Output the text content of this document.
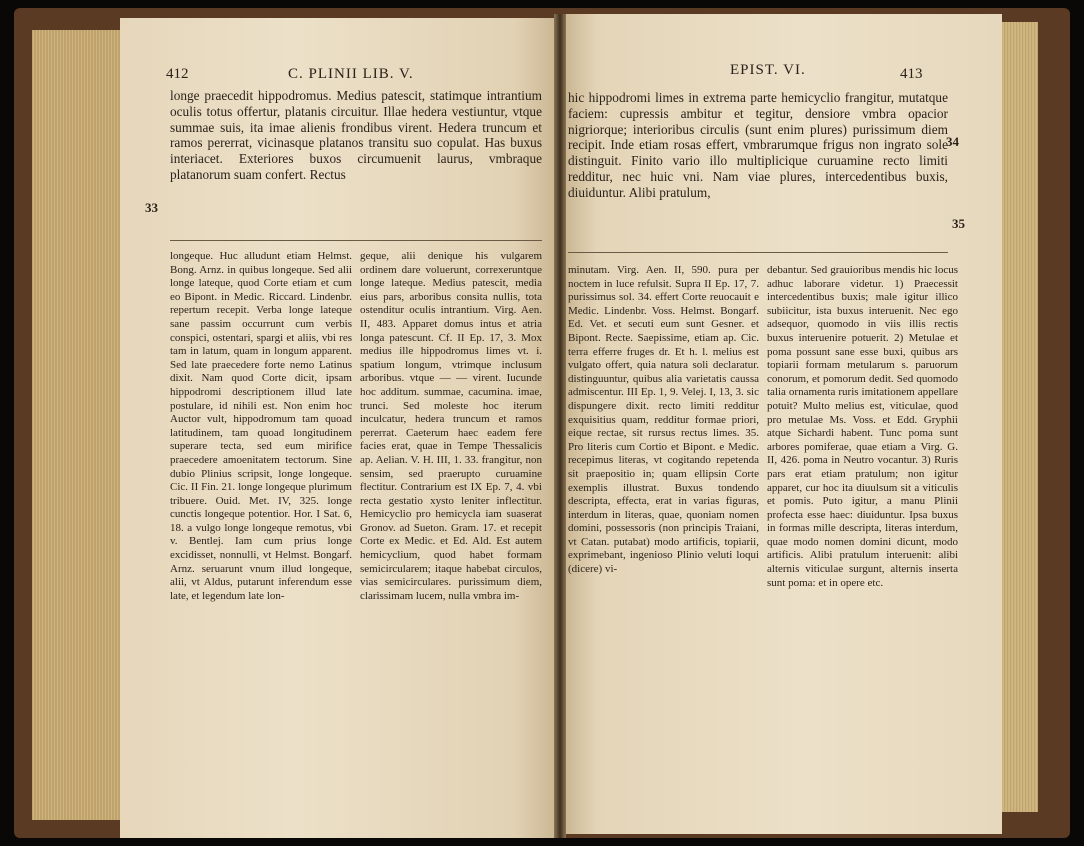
412	C. PLINII LIB. V.
longe praecedit hippodromus. Medius patescit, statimque intrantium oculis totus offertur, platanis circuitur. Illae hedera vestiuntur, vtque summae suis, ita imae alienis frondibus virent. Hedera truncum et ramos pererrat, vicinasque platanos transitu suo copulat. Has buxus interiacet. Exteriores buxos circumuenit laurus, vmbraque platanorum suam confert. Rectus
longeque. Huc alludunt etiam Helmst. Bong. Arnz. in quibus longeque. Sed alii longe lateque, quod Corte etiam et cum eo Bipont. in Medic. Riccard. Lindenbr. repertum recepit. Verba longe lateque sane passim occurrunt cum verbis conspici, ostentari, spargi et aliis, vbi res tam in latum, quam in longum apparent. Sed late praecedere forte nemo Latinus dixit. Nam quod Corte dicit, ipsam hippodromi descriptionem illud late postulare, id nihili est. Non enim hoc Auctor vult, hippodromum tam quoad latitudinem, tam quoad longitudinem superare tecta, sed eum mirifice praecedere amoenitatem tectorum. Sine dubio Plinius scripsit, longe longeque. Cic. II Fin. 21. longe longeque plurimum tribuere. Ouid. Met. IV, 325. longe cunctis longeque potentior. Hor. I Sat. 6, 18. a vulgo longe longeque remotus, vbi v. Bentlej. Iam cum prius longe excidisset, nonnulli, vt Helmst. Bongarf. Arnz. seruarunt vnum illud longeque, alii, vt Aldus, putarunt inferendum esse late, et legendum late lon-
geque, alii denique his vulgarem ordinem dare voluerunt, correxeruntque longe lateque. Medius patescit, media eius pars, arboribus consita nullis, tota ostenditur oculis intrantium. Virg. Aen. II, 483. Apparet domus intus et atria longa patescunt. Cf. II Ep. 17, 3. Mox medius ille hippodromus limes vt. i. spatium longum, vtrimque inclusum arboribus. vtque — — virent. Iucunde hoc additum. summae, cacumina. imae, trunci. Sed moleste hoc iterum inculcatur, hedera truncum et ramos pererrat. Caeterum haec eadem fere facies erat, quae in Tempe Thessalicis ap. Aelian. V. H. III, 1. 33. frangitur, non sensim, sed praerupto curuamine flectitur. Contrarium est IX Ep. 7, 4. vbi recta gestatio xysto leniter inflectitur. Hemicyclio pro hemicycla iam suaserat Gronov. ad Sueton. Gram. 17. et recepit Corte ex Medic. et Ed. Ald. Est autem hemicyclium, quod habet formam semicircularem; itaque habebat circulos, vias semicirculares. purissimum diem, clarissimam lucem, nulla vmbra im-
33
EPIST. VI.	413
hic hippodromi limes in extrema parte hemicyclio frangitur, mutatque faciem: cupressis ambitur et tegitur, densiore vmbra opacior nigriorque; interioribus circulis (sunt enim plures) purissimum diem recipit. Inde etiam rosas effert, vmbrarumque frigus non ingrato sole distinguit. Finito vario illo multiplicique curuamine recto limiti redditur, nec huic vni. Nam viae plures, intercedentibus buxis, diuiduntur. Alibi pratulum,
minutam. Virg. Aen. II, 590. pura per noctem in luce refulsit. Supra II Ep. 17, 7. purissimus sol. 34. effert Corte reuocauit e Medic. Lindenbr. Voss. Helmst. Bongarf. Ed. Vet. et secuti eum sunt Gesner. et Bipont. Recte. Saepissime, etiam ap. Cic. terra efferre fruges dr. Et h. l. melius est vulgato offert, quia natura soli declaratur. distinguuntur, quibus alia varietatis caussa admiscentur. III Ep. 1, 9. Velej. I, 13, 3. sic dispungere dixit. recto limiti redditur exquisitius quam, redditur formae priori, eique rectae, sit rursus rectus limes. 35. Pro literis cum Cortio et Bipont. e Medic. recepimus literas, vt cogitando repetenda sit praepositio in; quam ellipsin Corte exemplis illustrat. Buxus tondendo descripta, effecta, erat in varias figuras, interdum in literas, quae, quoniam nomen domini, possessoris (non principis Traiani, vt Catan. putabat) modo artificis, topiarii, exprimebant, ingenioso Plinio veluti loqui (dicere) vi-
debantur. Sed grauioribus mendis hic locus adhuc laborare videtur. 1) Praecessit intercedentibus buxis; male igitur illico subiicitur, ista buxus interuenit. Nec ego adsequor, quomodo in viis illis rectis buxus interuenire potuerit. 2) Metulae et poma possunt sane esse buxi, quibus ars topiarii formam metularum s. paruorum conorum, et pomorum dedit. Sed quomodo talia ornamenta ruris imitationem appellare potuit? Multo melius est, viticulae, quod pro metulae Ms. Voss. et Edd. Gryphii atque Sichardi habent. Tunc poma sunt arbores pomiferae, quae etiam a Virg. G. II, 426. poma in Neutro vocantur. 3) Ruris pars erat etiam pratulum; non igitur apparet, cur hoc ita diuulsum sit a viticulis et pomis. Puto igitur, a manu Plinii profecta esse haec: diuiduntur. Ipsa buxus in formas mille descripta, literas interdum, quae modo nomen domini dicunt, modo artificis. Alibi pratulum interuenit: alibi alternis viticulae surgunt, alternis inserta sunt poma: et in opere etc.
34
35
